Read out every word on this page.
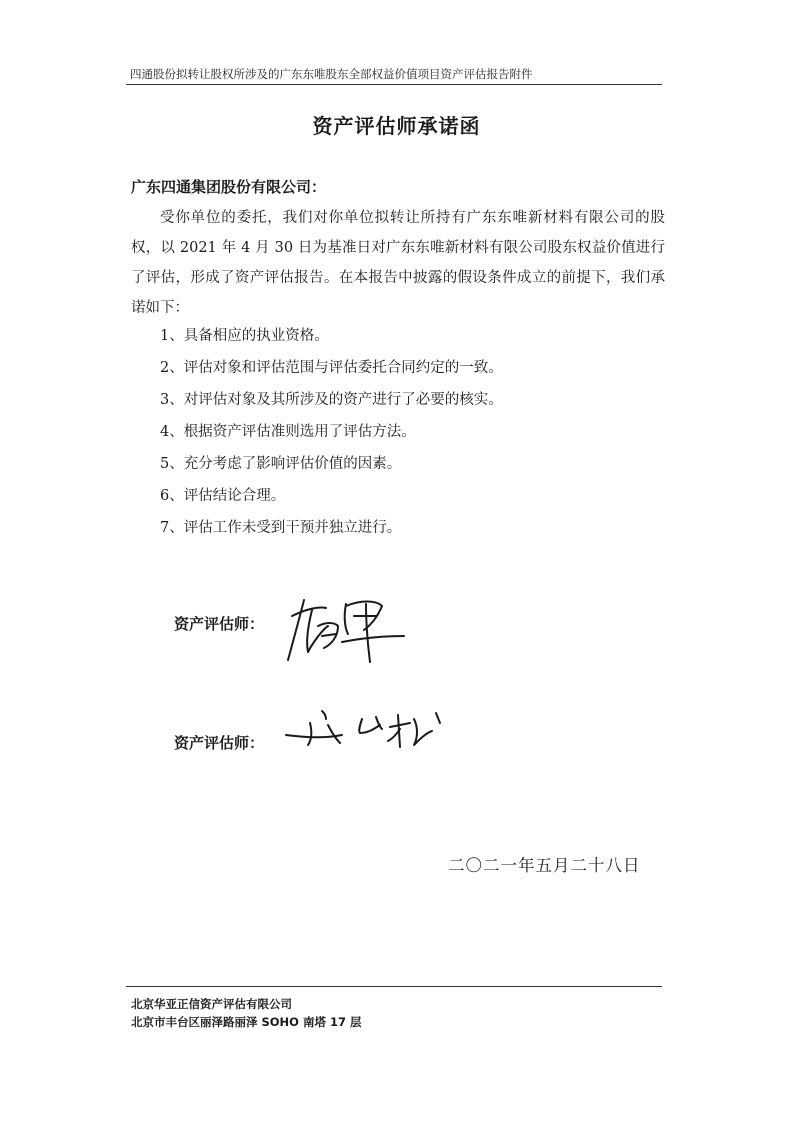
四通股份拟转让股权所涉及的广东东唯股东全部权益价值项目资产评估报告附件
资产评估师承诺函
广东四通集团股份有限公司：

受你单位的委托，我们对你单位拟转让所持有广东东唯新材料有限公司的股权，以 2021 年 4 月 30 日为基准日对广东东唯新材料有限公司股东权益价值进行了评估，形成了资产评估报告。在本报告中披露的假设条件成立的前提下，我们承诺如下：

1、具备相应的执业资格。
2、评估对象和评估范围与评估委托合同约定的一致。
3、对评估对象及其所涉及的资产进行了必要的核实。
4、根据资产评估准则选用了评估方法。
5、充分考虑了影响评估价值的因素。
6、评估结论合理。
7、评估工作未受到干预并独立进行。
资产评估师：
资产评估师：
二〇二一年五月二十八日
北京华亚正信资产评估有限公司
北京市丰台区丽泽路丽泽 SOHO 南塔 17 层
